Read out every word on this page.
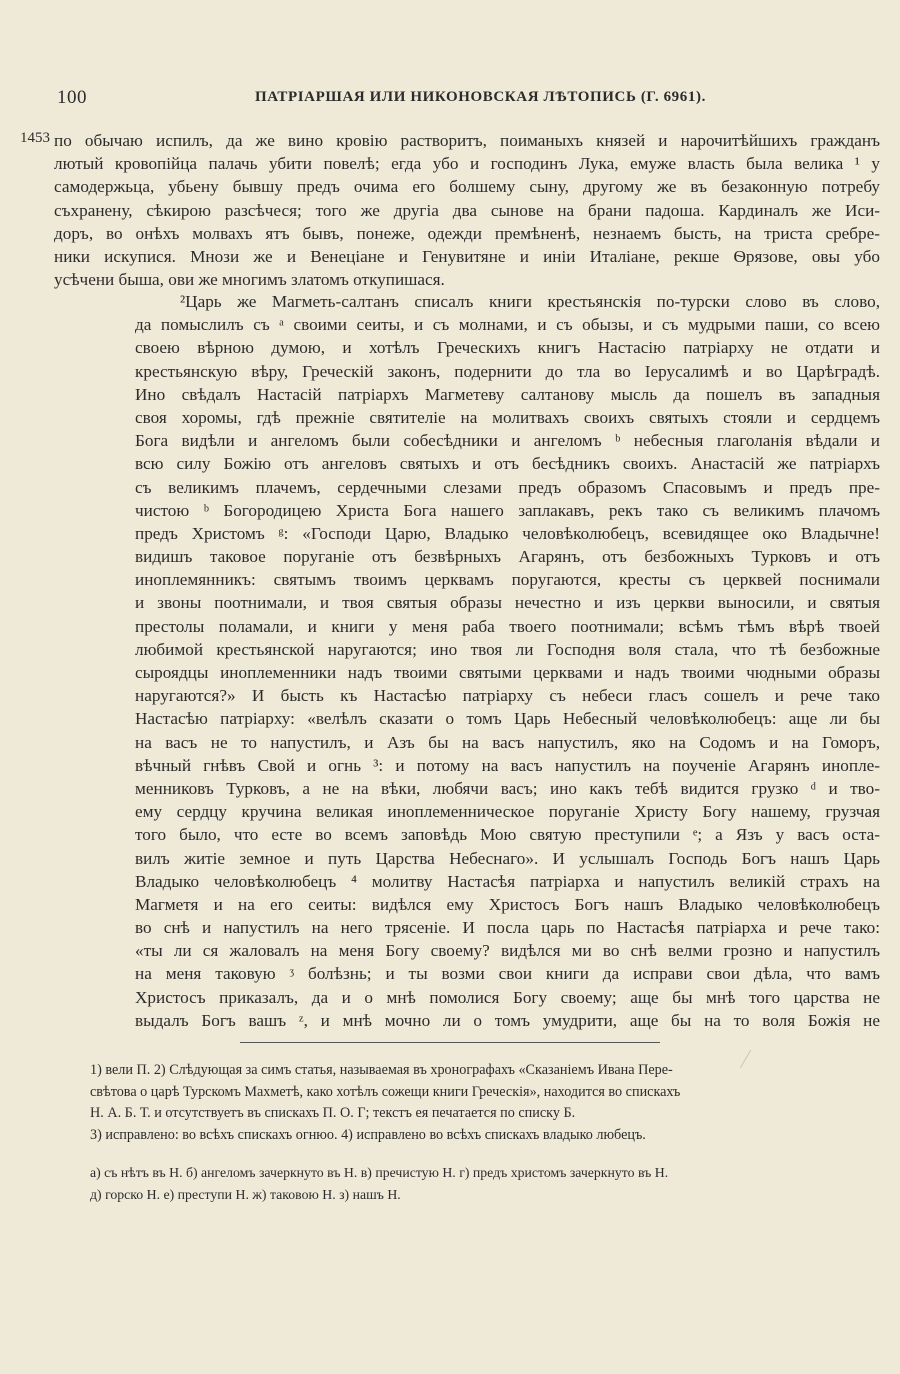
100	ПАТРІАРШАЯ ИЛИ НИКОНОВСКАЯ ЛѢТОПИСЬ (Г. 6961).
1453 по обычаю испилъ, да же вино кровію растворитъ, поиманыхъ князей и нарочитѣйшихъ гражданъ
лютый кровопійца палачь убити повелѣ; егда убо и господинъ Лука, емуже власть была велика ¹ у
самодержьца, убьену бывшу предъ очима его болшему сыну, другому же въ безаконную потребу
съхранену, сѣкирою разсѣчеся; того же другіа два сынове на брани падоша. Кардиналъ же Иси-
доръ, во онѣхъ молвахъ ятъ бывъ, понеже, одежди премѣненѣ, незнаемъ бысть, на триста сребре-
ники искупися. Мнози же и Венеціане и Генувитяне и иніи Италіане, рекше Ѳрязове, овы убо
усѣчени быша, ови же многимъ златомъ откупишася.
²Царь же Магметь-салтанъ списалъ книги крестьянскія по-турски слово въ слово,
да помыслилъ съ ᵃ своими сеиты, и съ молнами, и съ обызы, и съ мудрыми паши, со всею
своею вѣрною думою, и хотѣлъ Греческихъ книгъ Настасію патріарху не отдати и
крестьянскую вѣру, Греческій законъ, подернити до тла во Іерусалимѣ и во Царѣградѣ.
Ино свѣдалъ Настасій патріархъ Магметеву салтанову мысль да пошелъ въ западныя
своя хоромы, гдѣ прежніе святителіе на молитвахъ своихъ святыхъ стояли и сердцемъ
Бога видѣли и ангеломъ были собесѣдники и ангеломъ ᵇ небесныя глаголанія вѣдали и
всю силу Божію отъ ангеловъ святыхъ и отъ бесѣдникъ своихъ. Анастасій же патріархъ
съ великимъ плачемъ, сердечными слезами предъ образомъ Спасовымъ и предъ пре-
чистою ᵇ Богородицею Христа Бога нашего заплакавъ, рекъ тако съ великимъ плачомъ
предъ Христомъ ᵍ: «Господи Царю, Владыко человѣколюбецъ, всевидящее око Владычне!
видишъ таковое поруганіе отъ безвѣрныхъ Агарянъ, отъ безбожныхъ Турковъ и отъ
иноплемянникъ: святымъ твоимъ церквамъ поругаются, кресты съ церквей поснимали
и звоны поотнимали, и твоя святыя образы нечестно и изъ церкви выносили, и святыя
престолы поламали, и книги у меня раба твоего поотнимали; всѣмъ тѣмъ вѣрѣ твоей
любимой крестьянской наругаются; ино твоя ли Господня воля стала, что тѣ безбожные
сыроядцы иноплеменники надъ твоими святыми церквами и надъ твоими чюдными образы
наругаются?» И бысть къ Настасѣю патріарху съ небеси гласъ сошелъ и рече тако
Настасѣю патріарху: «велѣлъ сказати о томъ Царь Небесный человѣколюбецъ: аще ли бы
на васъ не то напустилъ, и Азъ бы на васъ напустилъ, яко на Содомъ и на Гоморъ,
вѣчный гнѣвъ Свой и огнь ³: и потому на васъ напустилъ на поученіе Агарянъ иноплe-
менниковъ Турковъ, а не на вѣки, любячи васъ; ино какъ тебѣ видится грузко ᵈ и тво-
ему сердцу кручина великая иноплеменническое поруганіе Христу Богу нашему, грузчая
того было, что есте во всемъ заповѣдь Мою святую преступили ᵉ; а Язъ у васъ оста-
вилъ житіе земное и путь Царства Небеснаго». И услышалъ Господь Богъ нашъ Царь
Владыко человѣколюбецъ ⁴ молитву Настасѣя патріарха и напустилъ великій страхъ на
Магметя и на его сеиты: видѣлся ему Христосъ Богъ нашъ Владыко человѣколюбецъ
во снѣ и напустилъ на него трясеніе. И посла царь по Настасѣя патріарха и рече тако:
«ты ли ся жаловалъ на меня Богу своему? видѣлся ми во снѣ велми грозно и напустилъ
на меня таковую ᶾ болѣзнь; и ты возми свои книги да исправи свои дѣла, что вамъ
Христосъ приказалъ, да и о мнѣ помолися Богу своему; аще бы мнѣ того царства не
выдалъ Богъ вашъ ᶻ, и мнѣ мочно ли о томъ умудрити, аще бы на то воля Божія не
1) вели П. 2) Слѣдующая за симъ статья, называемая въ хронографахъ «Сказаніемъ Ивана Пере-
свѣтова о царѣ Турскомъ Махметѣ, како хотѣлъ сожещи книги Греческія», находится во спискахъ
Н. А. Б. Т. и отсутствуетъ въ спискахъ П. О. Г; текстъ ея печатается по списку Б.
3) исправлено: во всѣхъ спискахъ огнюо. 4) исправлено во всѣхъ спискахъ владыко любецъ.
а) съ нѣтъ въ Н. б) ангеломъ зачеркнуто въ Н. в) пречистую Н. г) предъ христомъ зачеркнуто въ Н.
д) горско Н. е) преступи Н. ж) таковою Н. з) нашъ Н.
